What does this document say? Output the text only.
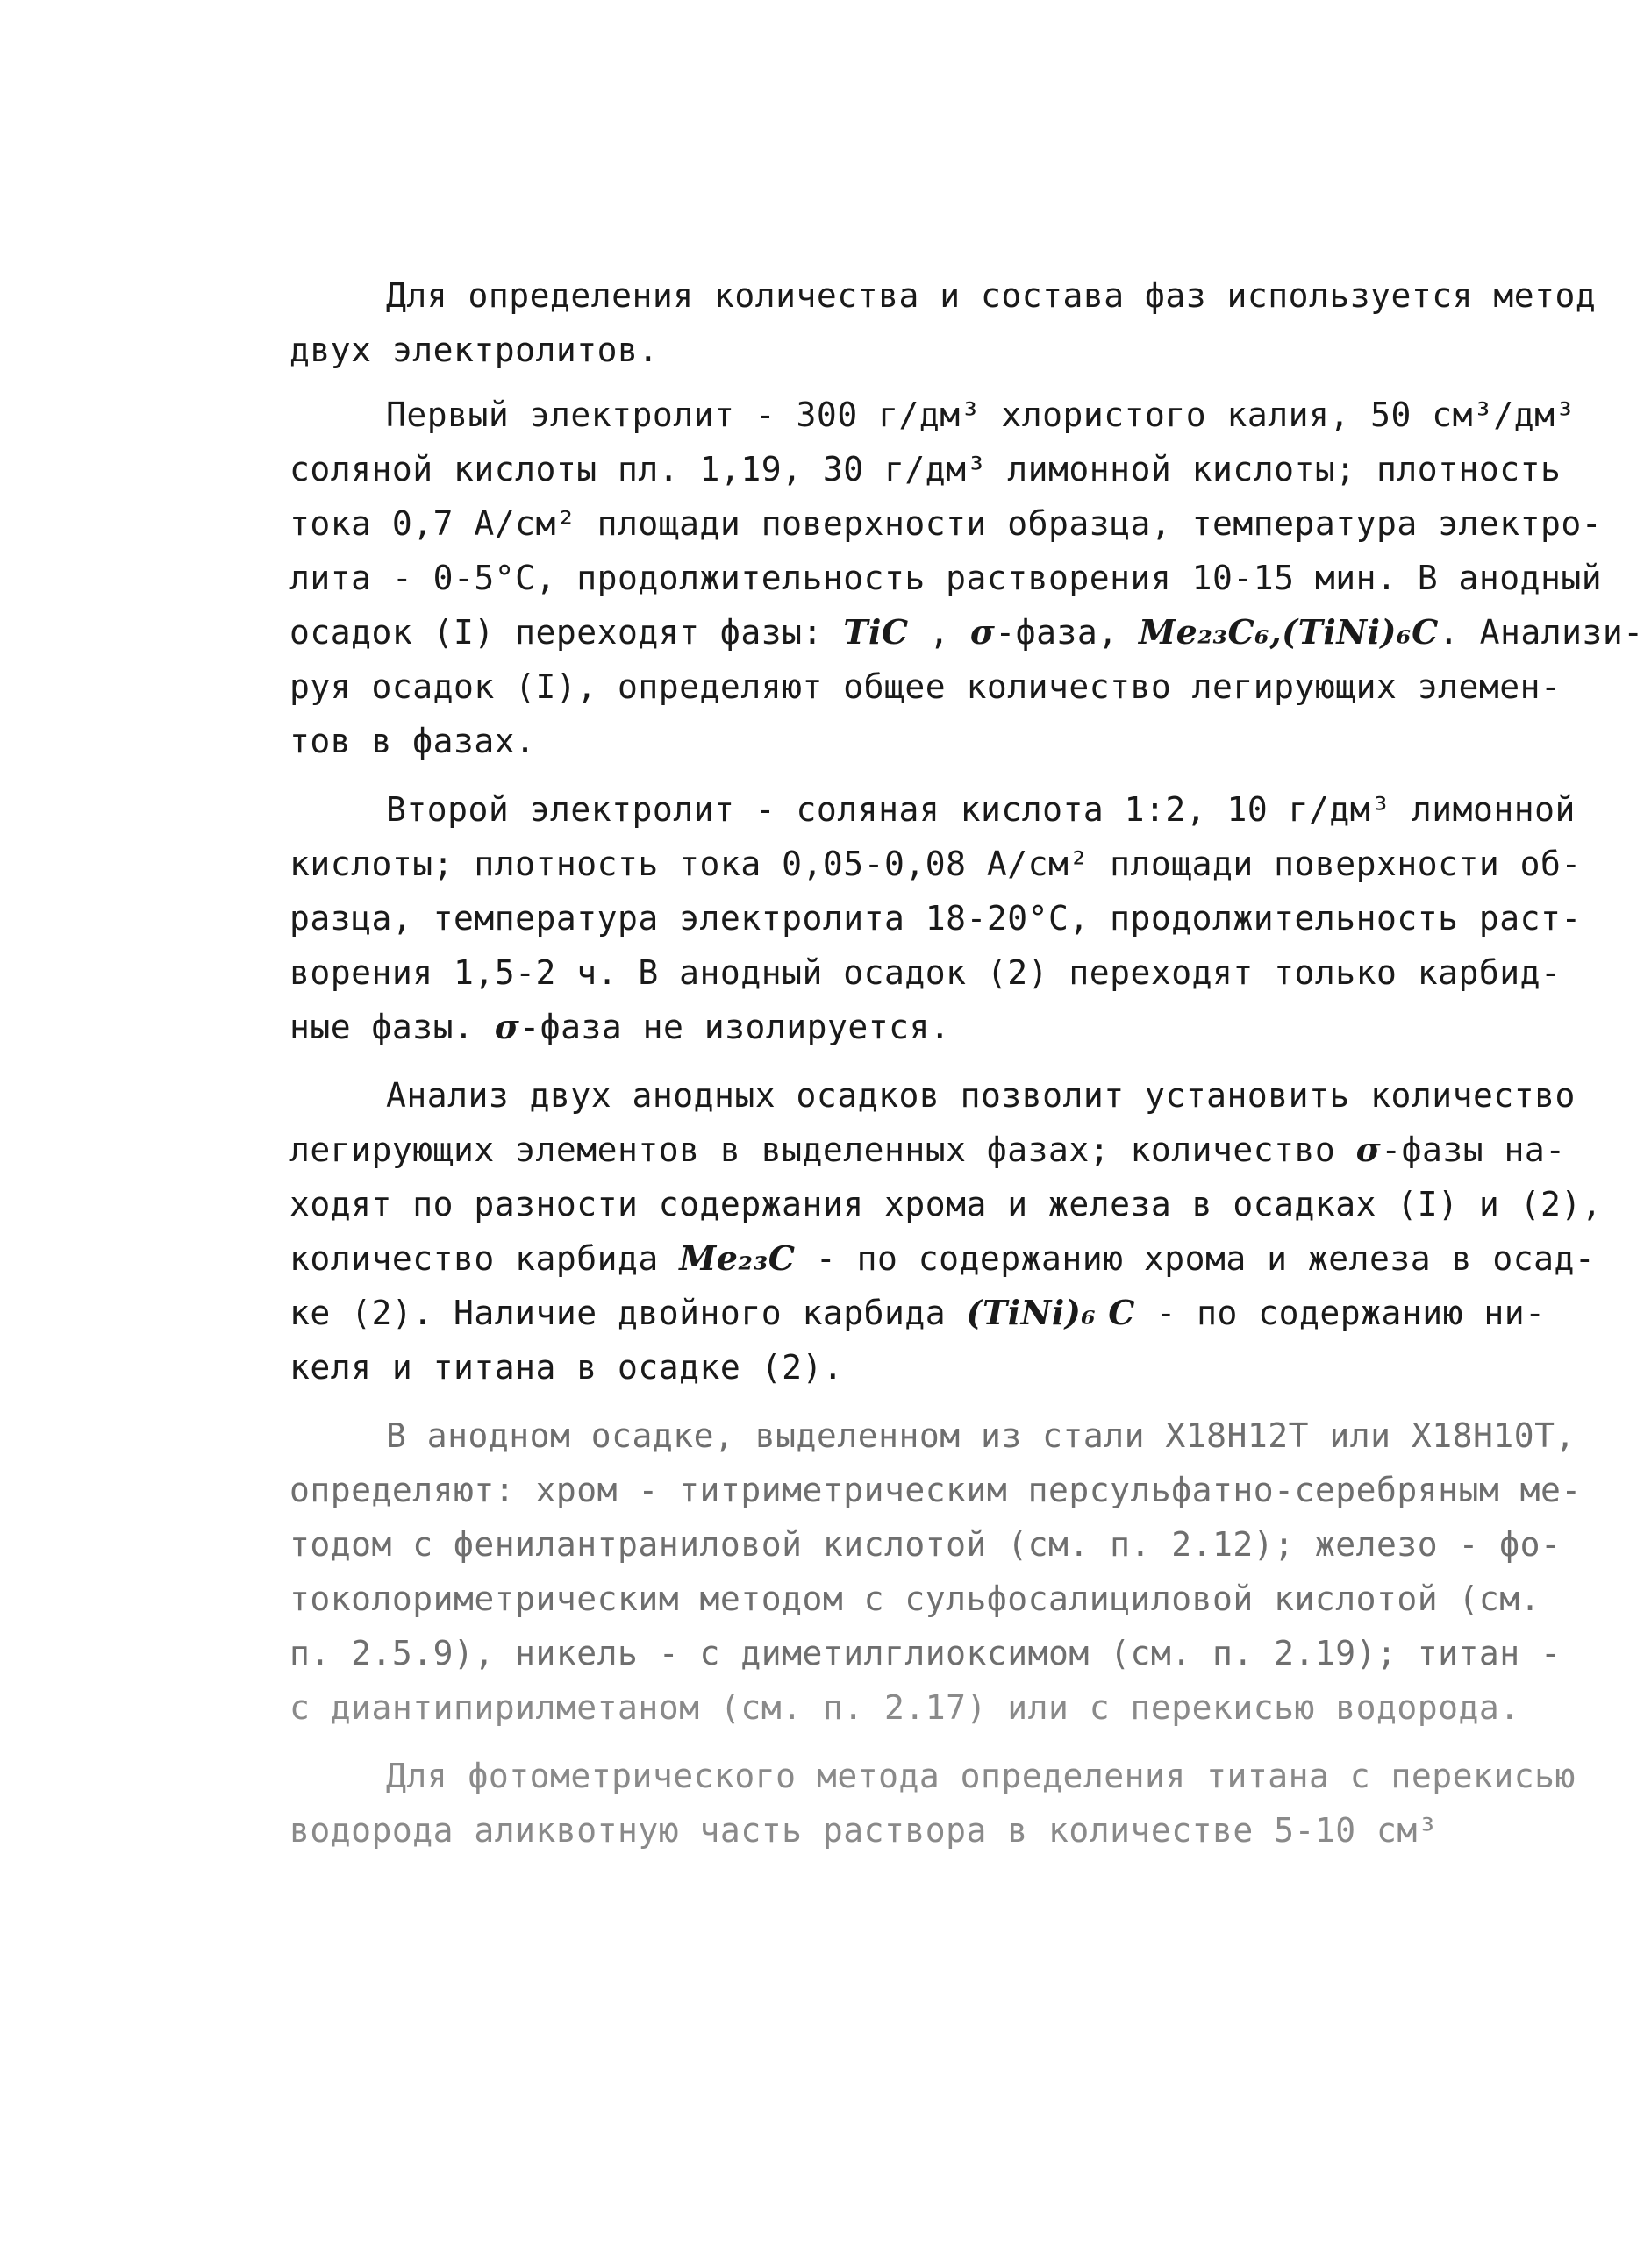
Для определения количества и состава фаз используется метод
двух электролитов.
Первый электролит - 300 г/дм³ хлористого калия, 50 см³/дм³
соляной кислоты пл. 1,19, 30 г/дм³ лимонной кислоты; плотность
тока 0,7 А/см² площади поверхности образца, температура электро-
лита - 0-5°С, продолжительность растворения 10-15 мин. В анодный
осадок (I) переходят фазы: TiC , σ-фаза, Me₂₃C₆,(TiNi)₆C. Анализи-
руя осадок (I), определяют общее количество легирующих элемен-
тов в фазах.
Второй электролит - соляная кислота 1:2, 10 г/дм³ лимонной
кислоты; плотность тока 0,05-0,08 А/см² площади поверхности об-
разца, температура электролита 18-20°С, продолжительность раст-
ворения 1,5-2 ч. В анодный осадок (2) переходят только карбид-
ные фазы. σ-фаза не изолируется.
Анализ двух анодных осадков позволит установить количество
легирующих элементов в выделенных фазах; количество σ-фазы на-
ходят по разности содержания хрома и железа в осадках (I) и (2),
количество карбида Me₂₃C - по содержанию хрома и железа в осад-
ке (2). Наличие двойного карбида (TiNi)₆ C - по содержанию ни-
келя и титана в осадке (2).
В анодном осадке, выделенном из стали Х18Н12Т или Х18Н10Т,
определяют: хром - титриметрическим персульфатно-серебряным ме-
тодом с фенилантраниловой кислотой (см. п. 2.12); железо - фо-
токолориметрическим методом с сульфосалициловой кислотой (см.
п. 2.5.9), никель - с диметилглиоксимом (см. п. 2.19); титан -
с диантипирилметаном (см. п. 2.17) или с перекисью водорода.
Для фотометрического метода определения титана с перекисью
водорода аликвотную часть раствора в количестве 5-10 см³
